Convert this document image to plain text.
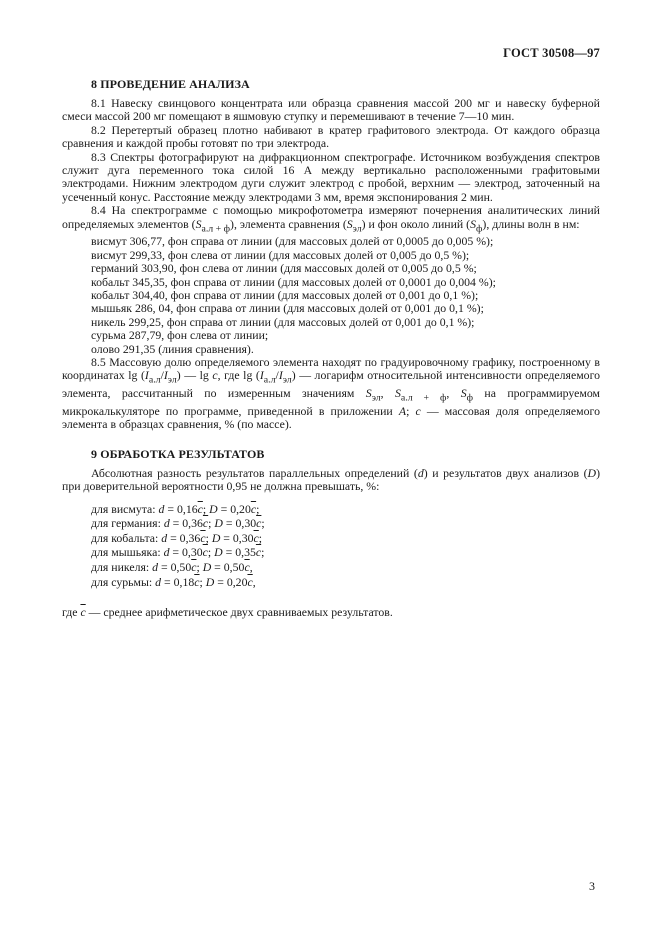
ГОСТ 30508—97
8 ПРОВЕДЕНИЕ АНАЛИЗА

8.1 Навеску свинцового концентрата или образца сравнения массой 200 мг и навеску буферной смеси массой 200 мг помещают в яшмовую ступку и перемешивают в течение 7—10 мин.

8.2 Перетертый образец плотно набивают в кратер графитового электрода. От каждого образца сравнения и каждой пробы готовят по три электрода.

8.3 Спектры фотографируют на дифракционном спектрографе. Источником возбуждения спектров служит дуга переменного тока силой 16 А между вертикально расположенными графитовыми электродами. Нижним электродом дуги служит электрод с пробой, верхним — электрод, заточенный на усеченный конус. Расстояние между электродами 3 мм, время экспонирования 2 мин.

8.4 На спектрограмме с помощью микрофотометра измеряют почернения аналитических линий определяемых элементов $(S_{а.л + ф})$, элемента сравнения $(S_{эл})$ и фон около линий $(S_ф)$, длины волн в нм:

висмут 306,77, фон справа от линии (для массовых долей от 0,0005 до 0,005 %);
висмут 299,33, фон слева от линии (для массовых долей от 0,005 до 0,5 %);
германий 303,90, фон слева от линии (для массовых долей от 0,005 до 0,5 %;
кобальт 345,35, фон справа от линии (для массовых долей от 0,0001 до 0,004 %);
кобальт 304,40, фон справа от линии (для массовых долей от 0,001 до 0,1 %);
мышьяк 286, 04, фон справа от линии (для массовых долей от 0,001 до 0,1 %);
никель 299,25, фон справа от линии (для массовых долей от 0,001 до 0,1 %);
сурьма 287,79, фон слева от линии;
олово 291,35 (линия сравнения).

8.5 Массовую долю определяемого элемента находят по градуировочному графику, построенному в координатах $\lg (I_{а.л}/I_{эл})$ — lg c, где $\lg (I_{а.л}/I_{эл})$ — логарифм относительной интенсивности определяемого элемента, рассчитанный по измеренным значениям $S_{эл}$, $S_{а.л + ф}$, $S_ф$ на программируемом микрокалькуляторе по программе, приведенной в приложении А; c — массовая доля определяемого элемента в образцах сравнения, % (по массе).

9 ОБРАБОТКА РЕЗУЛЬТАТОВ

Абсолютная разность результатов параллельных определений (d) и результатов двух анализов (D) при доверительной вероятности 0,95 не должна превышать, %:

для висмута: $d = 0,16\overline{c}$; $D = 0,20\overline{c}$;
для германия: $d = 0,36\overline{c}$; $D = 0,30\overline{c}$;
для кобальта: $d = 0,36\overline{c}$; $D = 0,30\overline{c}$;
для мышьяка: $d = 0,30\overline{c}$; $D = 0,35\overline{c}$;
для никеля: $d = 0,50\overline{c}$; $D = 0,50\overline{c}$,
для сурьмы: $d = 0,18\overline{c}$; $D = 0,20\overline{c}$,

где $\overline{c}$ — среднее арифметическое двух сравниваемых результатов.

3
